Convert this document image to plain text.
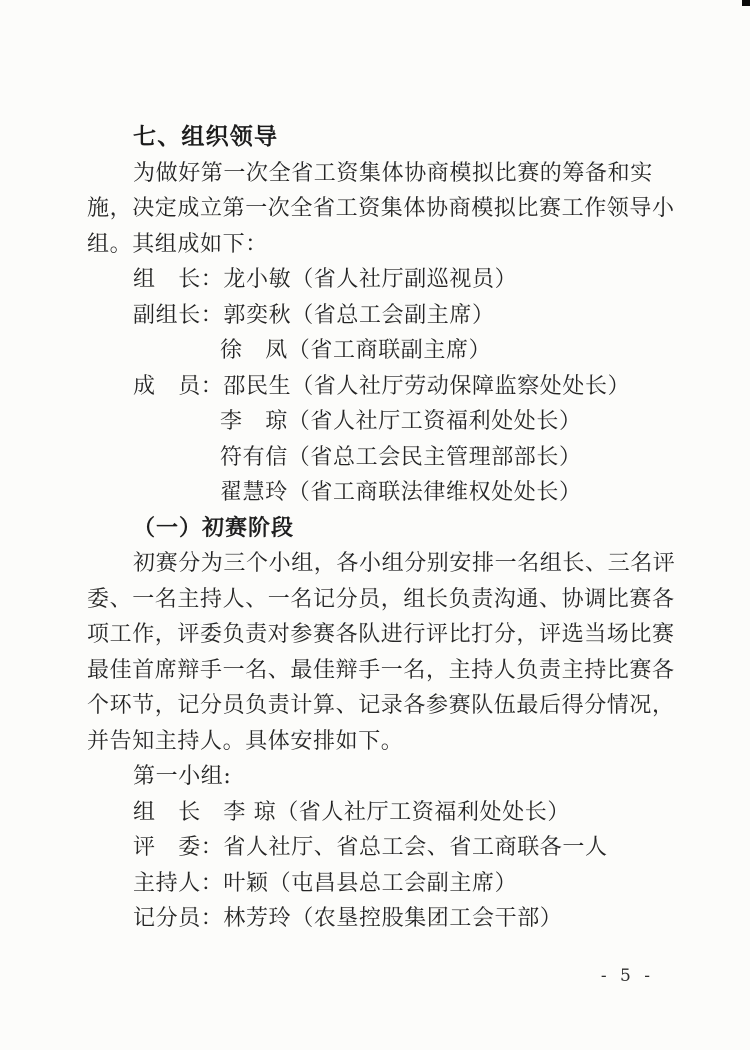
七、组织领导
为做好第一次全省工资集体协商模拟比赛的筹备和实
施，决定成立第一次全省工资集体协商模拟比赛工作领导小
组。其组成如下：
组　长：龙小敏（省人社厅副巡视员）
副组长：郭奕秋（省总工会副主席）
徐　凤（省工商联副主席）
成　员：邵民生（省人社厅劳动保障监察处处长）
李　琼（省人社厅工资福利处处长）
符有信（省总工会民主管理部部长）
翟慧玲（省工商联法律维权处处长）
（一）初赛阶段
初赛分为三个小组，各小组分别安排一名组长、三名评
委、一名主持人、一名记分员，组长负责沟通、协调比赛各
项工作，评委负责对参赛各队进行评比打分，评选当场比赛
最佳首席辩手一名、最佳辩手一名，主持人负责主持比赛各
个环节，记分员负责计算、记录各参赛队伍最后得分情况，
并告知主持人。具体安排如下。
第一小组:
组　长　李 琼（省人社厅工资福利处处长）
评　委：省人社厅、省总工会、省工商联各一人
主持人：叶颖（屯昌县总工会副主席）
记分员：林芳玲（农垦控股集团工会干部）
- 5 -
